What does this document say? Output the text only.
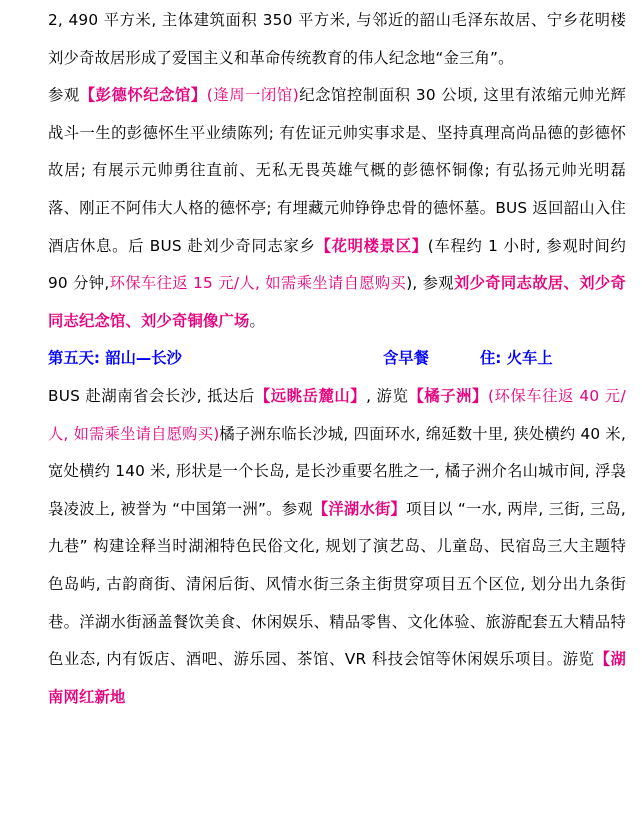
2, 490 平方米, 主体建筑面积 350 平方米, 与邻近的韶山毛泽东故居、宁乡花明楼刘少奇故居形成了爱国主义和革命传统教育的伟人纪念地“金三角”。

参观【彭德怀纪念馆】(逢周一闭馆)纪念馆控制面积 30 公顷, 这里有浓缩元帅光辉战斗一生的彭德怀生平业绩陈列; 有佐证元帅实事求是、坚持真理高尚品德的彭德怀故居; 有展示元帅勇往直前、无私无畏英雄气概的彭德怀铜像; 有弘扬元帅光明磊落、刚正不阿伟大人格的德怀亭; 有埋藏元帅铮铮忠骨的德怀墓。BUS 返回韶山入住酒店休息。后 BUS 赴刘少奇同志家乡【花明楼景区】(车程约 1 小时, 参观时间约 90 分钟,环保车往返 15 元/人, 如需乘坐请自愿购买), 参观刘少奇同志故居、刘少奇同志纪念馆、刘少奇铜像广场。

第五天: 韶山—长沙	含早餐	住: 火车上

BUS 赴湖南省会长沙, 抵达后【远眺岳麓山】, 游览【橘子洲】(环保车往返 40 元/人, 如需乘坐请自愿购买)橘子洲东临长沙城, 四面环水, 绵延数十里, 狭处横约 40 米, 宽处横约 140 米, 形状是一个长岛, 是长沙重要名胜之一, 橘子洲介名山城市间, 浮袅袅凌波上, 被誉为 “中国第一洲”。参观【洋湖水街】项目以 “一水, 两岸, 三街, 三岛, 九巷” 构建诠释当时湖湘特色民俗文化, 规划了演艺岛、儿童岛、民宿岛三大主题特色岛屿, 古韵商街、清闲后街、风情水街三条主街贯穿项目五个区位, 划分出九条街巷。洋湖水街涵盖餐饮美食、休闲娱乐、精品零售、文化体验、旅游配套五大精品特色业态, 内有饭店、酒吧、游乐园、茶馆、VR 科技会馆等休闲娱乐项目。游览【湖南网红新地
